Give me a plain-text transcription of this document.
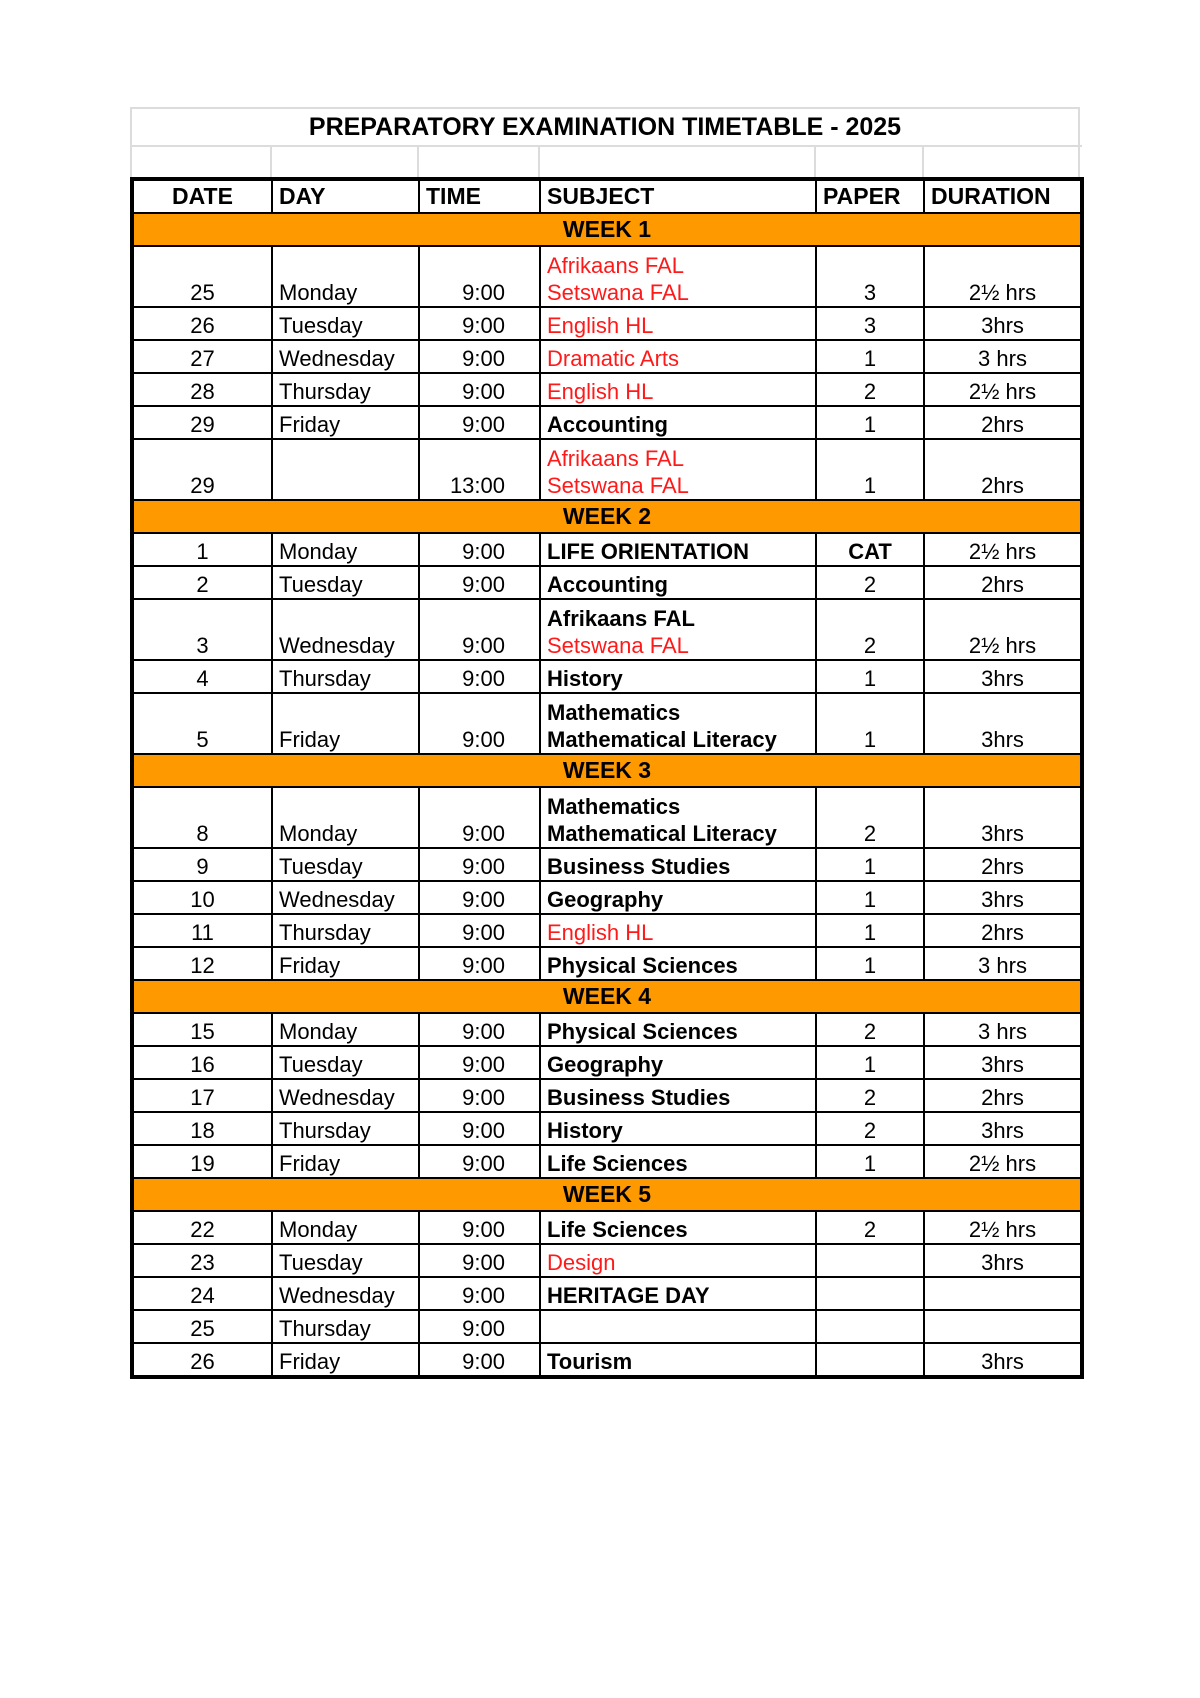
PREPARATORY EXAMINATION TIMETABLE - 2025
DATE	DAY	TIME	SUBJECT	PAPER	DURATION
WEEK 1					
25	Monday	9:00	Afrikaans FAL
Setswana FAL	3	2½ hrs
26	Tuesday	9:00	English HL	3	3hrs
27	Wednesday	9:00	Dramatic Arts	1	3 hrs
28	Thursday	9:00	English HL	2	2½ hrs
29	Friday	9:00	Accounting	1	2hrs
29		13:00	Afrikaans FAL
Setswana FAL	1	2hrs
WEEK 2					
1	Monday	9:00	LIFE ORIENTATION	CAT	2½ hrs
2	Tuesday	9:00	Accounting	2	2hrs
3	Wednesday	9:00	Afrikaans FAL
Setswana FAL	2	2½ hrs
4	Thursday	9:00	History	1	3hrs
5	Friday	9:00	Mathematics
Mathematical Literacy	1	3hrs
WEEK 3					
8	Monday	9:00	Mathematics
Mathematical Literacy	2	3hrs
9	Tuesday	9:00	Business Studies	1	2hrs
10	Wednesday	9:00	Geography	1	3hrs
11	Thursday	9:00	English HL	1	2hrs
12	Friday	9:00	Physical Sciences	1	3 hrs
WEEK 4					
15	Monday	9:00	Physical Sciences	2	3 hrs
16	Tuesday	9:00	Geography	1	3hrs
17	Wednesday	9:00	Business Studies	2	2hrs
18	Thursday	9:00	History	2	3hrs
19	Friday	9:00	Life Sciences	1	2½ hrs
WEEK 5					
22	Monday	9:00	Life Sciences	2	2½ hrs
23	Tuesday	9:00	Design		3hrs
24	Wednesday	9:00	HERITAGE DAY		

25	Thursday	9:00			
26	Friday	9:00	Tourism		3hrs
